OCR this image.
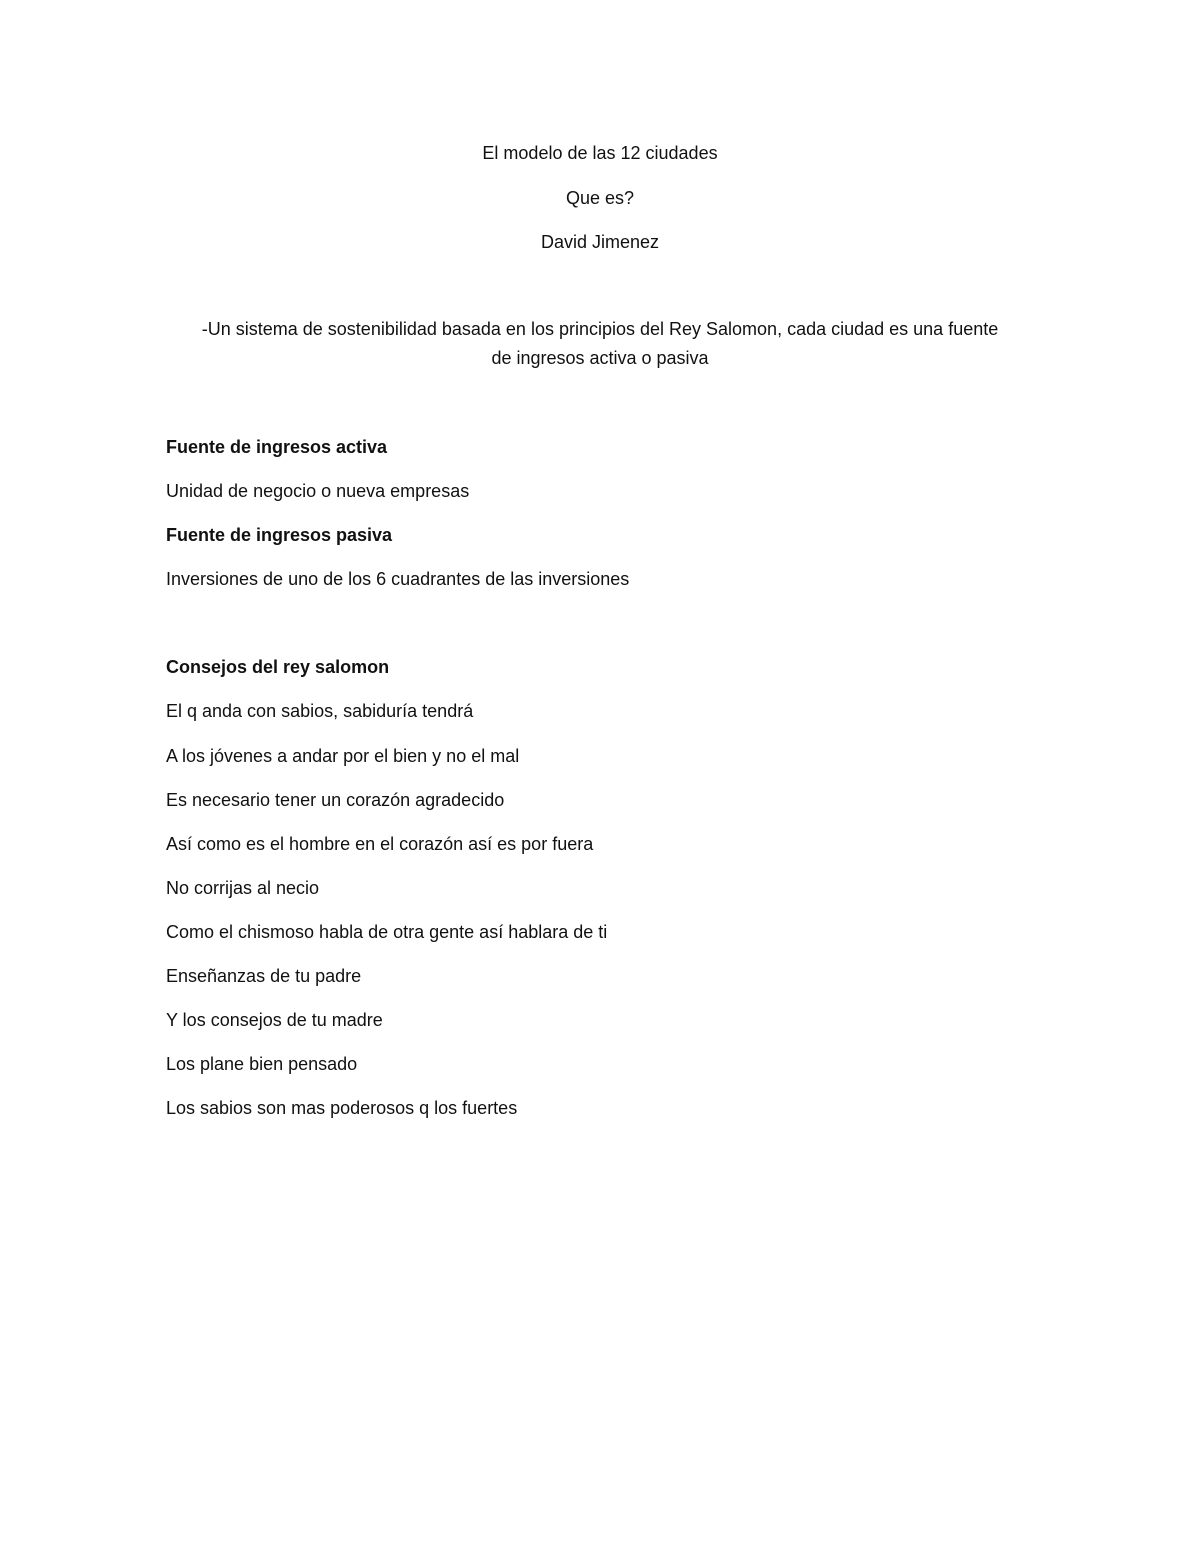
El modelo de las 12 ciudades
Que es?
David Jimenez
-Un sistema de sostenibilidad basada en los principios del Rey Salomon, cada ciudad es una fuente
de ingresos activa o pasiva
Fuente de ingresos activa
Unidad de negocio o nueva empresas
Fuente de ingresos pasiva
Inversiones de uno de los 6 cuadrantes de las inversiones
Consejos del rey salomon
El q anda con sabios, sabiduría tendrá
A los jóvenes a andar por el bien y no el mal
Es necesario tener un corazón agradecido
Así como es el hombre en el corazón así es por fuera
No corrijas al necio
Como el chismoso habla de otra gente así hablara de ti
Enseñanzas de tu padre
Y los consejos de tu madre
Los plane bien pensado
Los sabios son mas poderosos q los fuertes
